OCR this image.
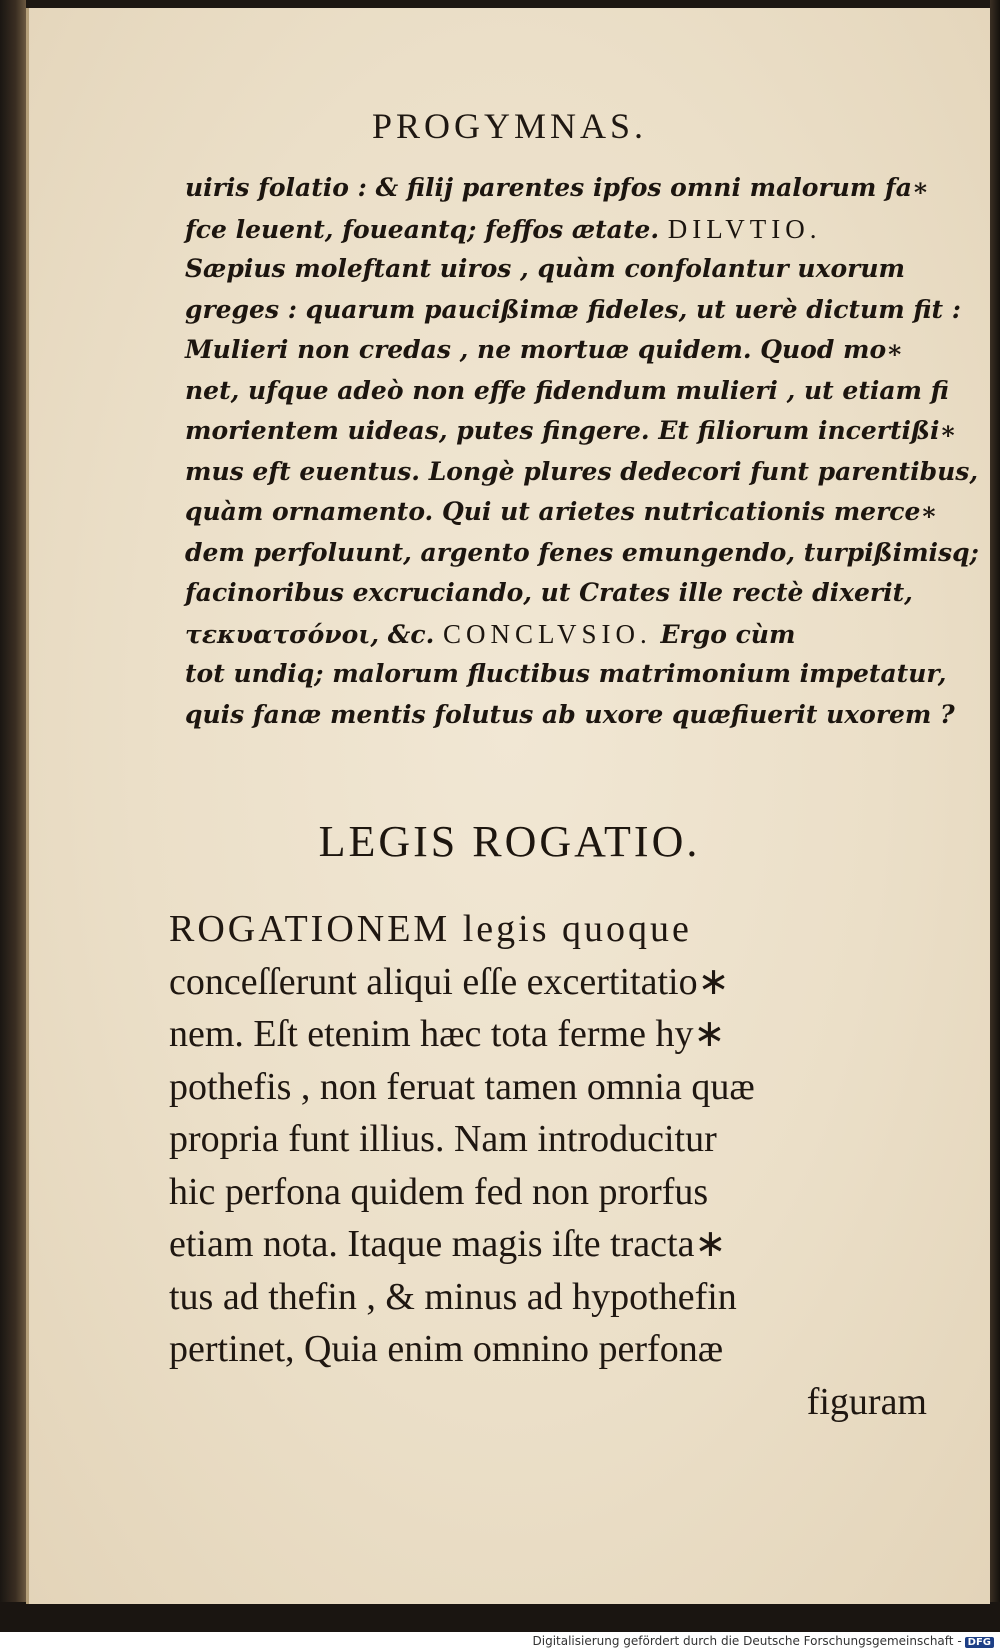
PROGYMNAS.
uiris folatio : & filij parentes ipfos omni malorum fa∗
fce leuent, foueantq; feffos ætate. DILVTIO.
Sæpius moleftant uiros , quàm confolantur uxorum
greges : quarum paucißimæ fideles, ut uerè dictum fit :
Mulieri non credas , ne mortuæ quidem. Quod mo∗
net, ufque adeò non effe fidendum mulieri , ut etiam fi
morientem uideas, putes fingere. Et filiorum incertißi∗
mus eft euentus. Longè plures dedecori funt parentibus,
quàm ornamento. Qui ut arietes nutricationis merce∗
dem perfoluunt, argento fenes emungendo, turpißimisq;
facinoribus excruciando, ut Crates ille rectè dixerit,
τεκυατσόνοι, &c. CONCLVSIO. Ergo cùm
tot undiq; malorum fluctibus matrimonium impetatur,
quis fanæ mentis folutus ab uxore quæfiuerit uxorem ?
LEGIS ROGATIO.
ROGATIONEM legis quoque
conceſſerunt aliqui eſſe excertitatio∗
nem. Eſt etenim hæc tota ferme hy∗
pothefis , non feruat tamen omnia quæ
propria funt illius. Nam introducitur
hic perfona quidem fed non prorfus
etiam nota. Itaque magis iſte tracta∗
tus ad thefin , & minus ad hypothefin
pertinet, Quia enim omnino perfonæ
figuram
Digitalisierung gefördert durch die Deutsche Forschungsgemeinschaft - DFG
